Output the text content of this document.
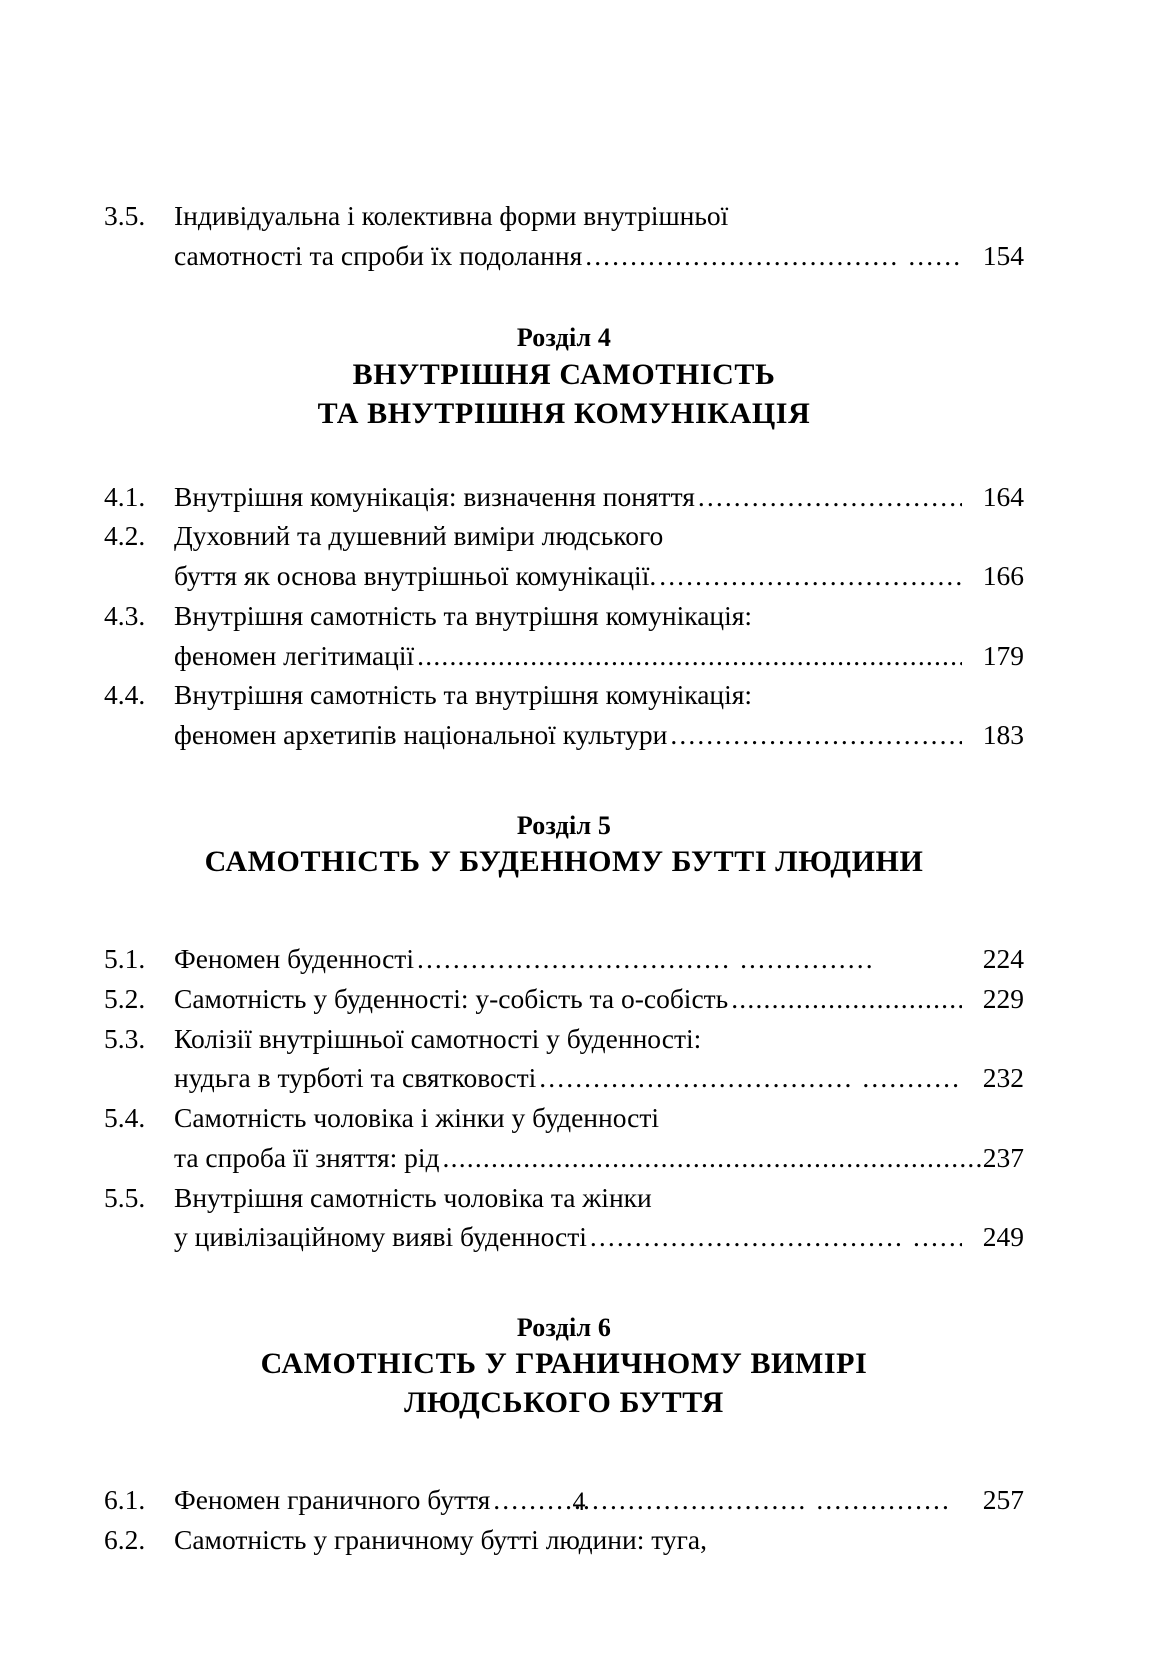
3.5.	Індивідуальна і колективна форми внутрішньої
самотності та спроби їх подолання .....	154
Розділ 4
ВНУТРІШНЯ САМОТНІСТЬ
ТА ВНУТРІШНЯ КОМУНІКАЦІЯ
4.1.	Внутрішня комунікація: визначення поняття .....	164
4.2.	Духовний та душевний виміри людського
буття як основа внутрішньої комунікації. .....	166
4.3.	Внутрішня самотність та внутрішня комунікація:
феномен легітимації .....	179
4.4.	Внутрішня самотність та внутрішня комунікація:
феномен архетипів національної культури .....	183
Розділ 5
САМОТНІСТЬ У БУДЕННОМУ БУТТІ ЛЮДИНИ
5.1.	Феномен буденності .....	224
5.2.	Самотність у буденності: у-собість та о-собість .....	229
5.3.	Колізії внутрішньої самотності у буденності:
нудьга в турботі та святковості .....	232
5.4.	Самотність чоловіка і жінки у буденності
та спроба її зняття: рід .....	237
5.5.	Внутрішня самотність чоловіка та жінки
у цивілізаційному вияві буденності .....	249
Розділ 6
САМОТНІСТЬ У ГРАНИЧНОМУ ВИМІРІ
ЛЮДСЬКОГО БУТТЯ
6.1.	Феномен граничного буття .....	257
6.2.	Самотність у граничному бутті людини: туга,
4
